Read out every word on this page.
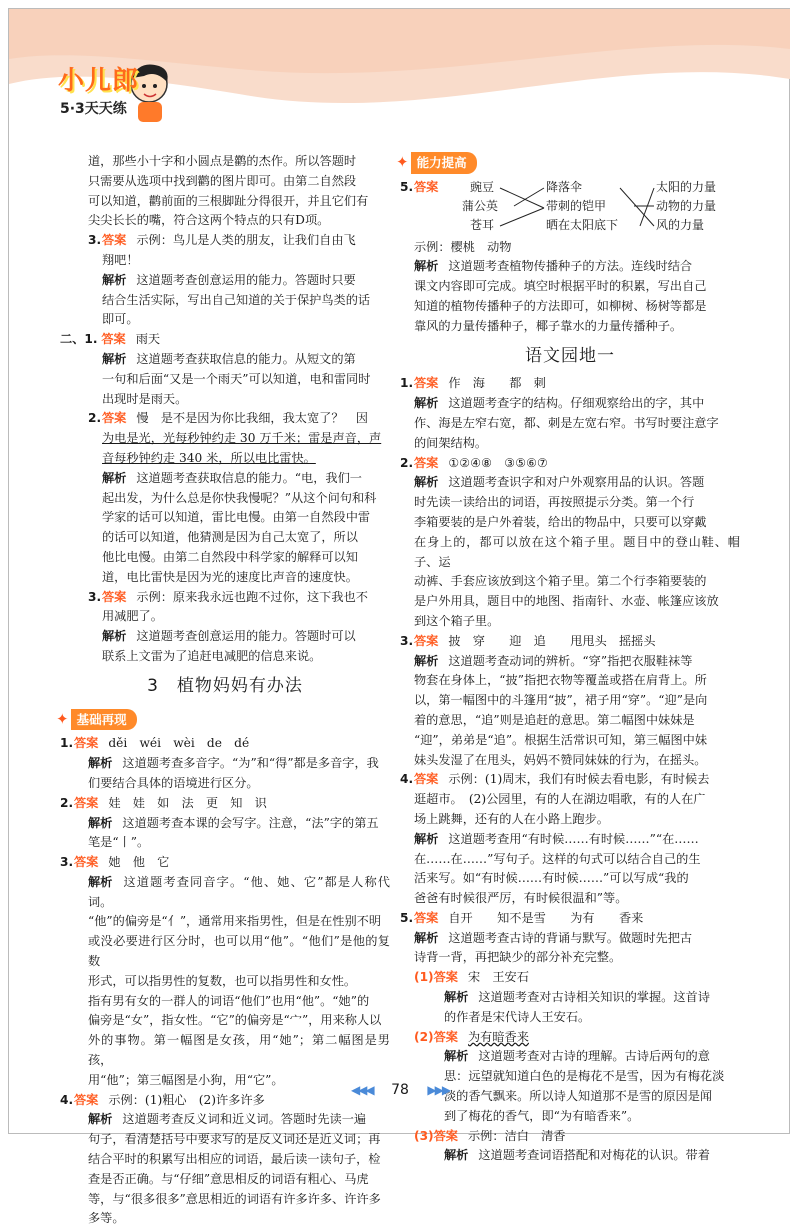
小儿郎
5·3天天练

道，那些小十字和小圆点是鹳的杰作。所以答题时

只需要从选项中找到鹳的图片即可。由第二自然段

可以知道，鹳前面的三根脚趾分得很开，并且它们有

尖尖长长的嘴，符合这两个特点的只有D项。

3.答案 示例：鸟儿是人类的朋友，让我们自由飞

翔吧！

解析 这道题考查创意运用的能力。答题时只要

结合生活实际，写出自己知道的关于保护鸟类的话

即可。

二、1. 答案 雨天

解析 这道题考查获取信息的能力。从短文的第

一句和后面“又是一个雨天”可以知道，电和雷同时

出现时是雨天。

2.答案 慢　是不是因为你比我细，我太宽了？　因

为电是光，光每秒钟约走 30 万千米；雷是声音，声

音每秒钟约走 340 米，所以电比雷快。

解析 这道题考查获取信息的能力。“电，我们一

起出发，为什么总是你快我慢呢？”从这个问句和科

学家的话可以知道，雷比电慢。由第一自然段中雷

的话可以知道，他猜测是因为自己太宽了，所以

他比电慢。由第二自然段中科学家的解释可以知

道，电比雷快是因为光的速度比声音的速度快。

3.答案 示例：原来我永远也跑不过你，这下我也不

用减肥了。

解析 这道题考查创意运用的能力。答题时可以

联系上文雷为了追赶电减肥的信息来说。

3　植物妈妈有办法
✦ 基础再现

1.答案 děi　wéi　wèi　de　dé

解析 这道题考查多音字。“为”和“得”都是多音字，我

们要结合具体的语境进行区分。

2.答案 娃　娃　如　法　更　知　识

解析 这道题考查本课的会写字。注意，“法”字的第五

笔是“丨”。

3.答案 她　他　它

解析 这道题考查同音字。“他、她、它”都是人称代词。

“他”的偏旁是“亻”，通常用来指男性，但是在性别不明

或没必要进行区分时，也可以用“他”。“他们”是他的复数

形式，可以指男性的复数，也可以指男性和女性。

指有男有女的一群人的词语“他们”也用“他”。“她”的

偏旁是“女”，指女性。“它”的偏旁是“宀”，用来称人以

外的事物。第一幅图是女孩，用“她”；第二幅图是男孩，

用“他”；第三幅图是小狗，用“它”。

4.答案 示例：(1)粗心　(2)许多许多

解析 这道题考查反义词和近义词。答题时先读一遍

句子，看清楚括号中要求写的是反义词还是近义词；再

结合平时的积累写出相应的词语，最后读一读句子，检

查是否正确。与“仔细”意思相反的词语有粗心、马虎

等，与“很多很多”意思相近的词语有许多许多、许许多

多等。

✦ 能力提高

5.答案	豌豆
蒲公英
苍耳
降落伞
带刺的铠甲
晒在太阳底下
太阳的力量
动物的力量
风的力量

示例：樱桃　动物

解析 这道题考查植物传播种子的方法。连线时结合

课文内容即可完成。填空时根据平时的积累，写出自己

知道的植物传播种子的方法即可，如柳树、杨树等都是

靠风的力量传播种子，椰子靠水的力量传播种子。

语文园地一

1.答案 作　海　　都　刺

解析 这道题考查字的结构。仔细观察给出的字，其中

作、海是左窄右宽，都、刺是左宽右窄。书写时要注意字

的间架结构。

2.答案 ①②④⑧　③⑤⑥⑦

解析 这道题考查识字和对户外观察用品的认识。答题

时先读一读给出的词语，再按照提示分类。第一个行

李箱要装的是户外着装，给出的物品中，只要可以穿戴

在身上的，都可以放在这个箱子里。题目中的登山鞋、帽子、运

动裤、手套应该放到这个箱子里。第二个行李箱要装的

是户外用具，题目中的地图、指南针、水壶、帐篷应该放

到这个箱子里。

3.答案 披　穿　　迎　追　　甩甩头　摇摇头

解析 这道题考查动词的辨析。“穿”指把衣服鞋袜等

物套在身体上，“披”指把衣物等覆盖或搭在肩背上。所

以，第一幅图中的斗篷用“披”，裙子用“穿”。“迎”是向

着的意思，“追”则是追赶的意思。第二幅图中妹妹是

“迎”，弟弟是“追”。根据生活常识可知，第三幅图中妹

妹头发湿了在甩头，妈妈不赞同妹妹的行为，在摇头。

4.答案 示例：(1)周末，我们有时候去看电影，有时候去

逛超市。　(2)公园里，有的人在湖边唱歌，有的人在广

场上跳舞，还有的人在小路上跑步。

解析 这道题考查用“有时候……有时候……”“在……

在……在……”写句子。这样的句式可以结合自己的生

活来写。如“有时候……有时候……”可以写成“我的

爸爸有时候很严厉，有时候很温和”等。

5.答案 自开　　知不是雪　　为有　　香来

解析 这道题考查古诗的背诵与默写。做题时先把古

诗背一背，再把缺少的部分补充完整。

(1)答案 宋　王安石

解析 这道题考查对古诗相关知识的掌握。这首诗

的作者是宋代诗人王安石。

(2)答案 为有暗香来

解析 这道题考查对古诗的理解。古诗后两句的意

思：远望就知道白色的是梅花不是雪，因为有梅花淡

淡的香气飘来。所以诗人知道那不是雪的原因是闻

到了梅花的香气，即“为有暗香来”。

(3)答案 示例：洁白　清香

解析 这道题考查词语搭配和对梅花的认识。带着

◀◀◀ 78 ▶▶▶
